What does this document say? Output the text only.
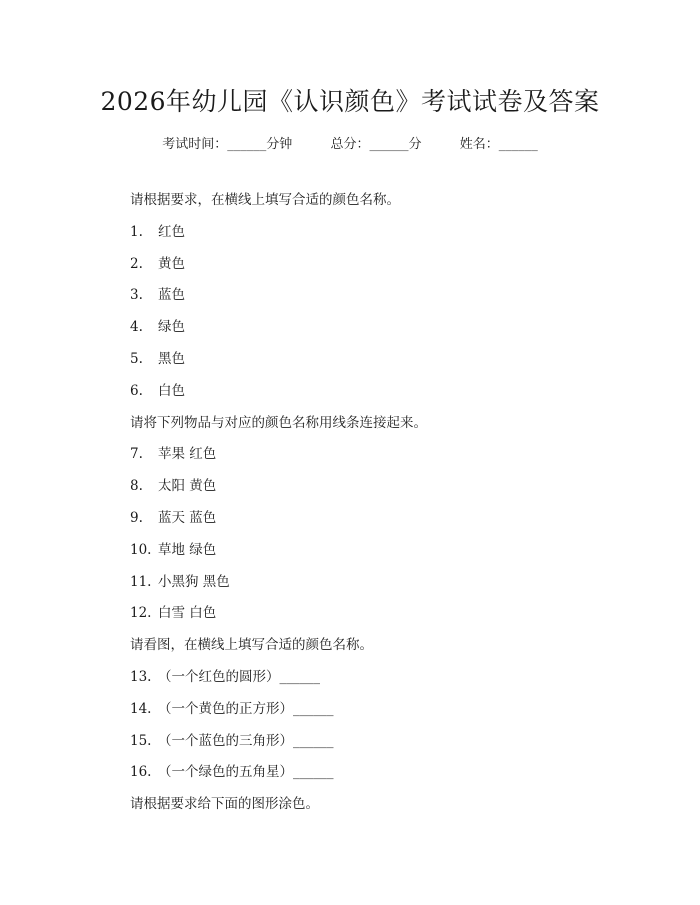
2026年幼儿园《认识颜色》考试试卷及答案
考试时间：______分钟	总分：______分	姓名：______
请根据要求，在横线上填写合适的颜色名称。
1. 红色
2. 黄色
3. 蓝色
4. 绿色
5. 黑色
6. 白色
请将下列物品与对应的颜色名称用线条连接起来。
7. 苹果 红色
8. 太阳 黄色
9. 蓝天 蓝色
10. 草地 绿色
11. 小黑狗 黑色
12. 白雪 白色
请看图，在横线上填写合适的颜色名称。
13. （一个红色的圆形）______
14. （一个黄色的正方形）______
15. （一个蓝色的三角形）______
16. （一个绿色的五角星）______
请根据要求给下面的图形涂色。
